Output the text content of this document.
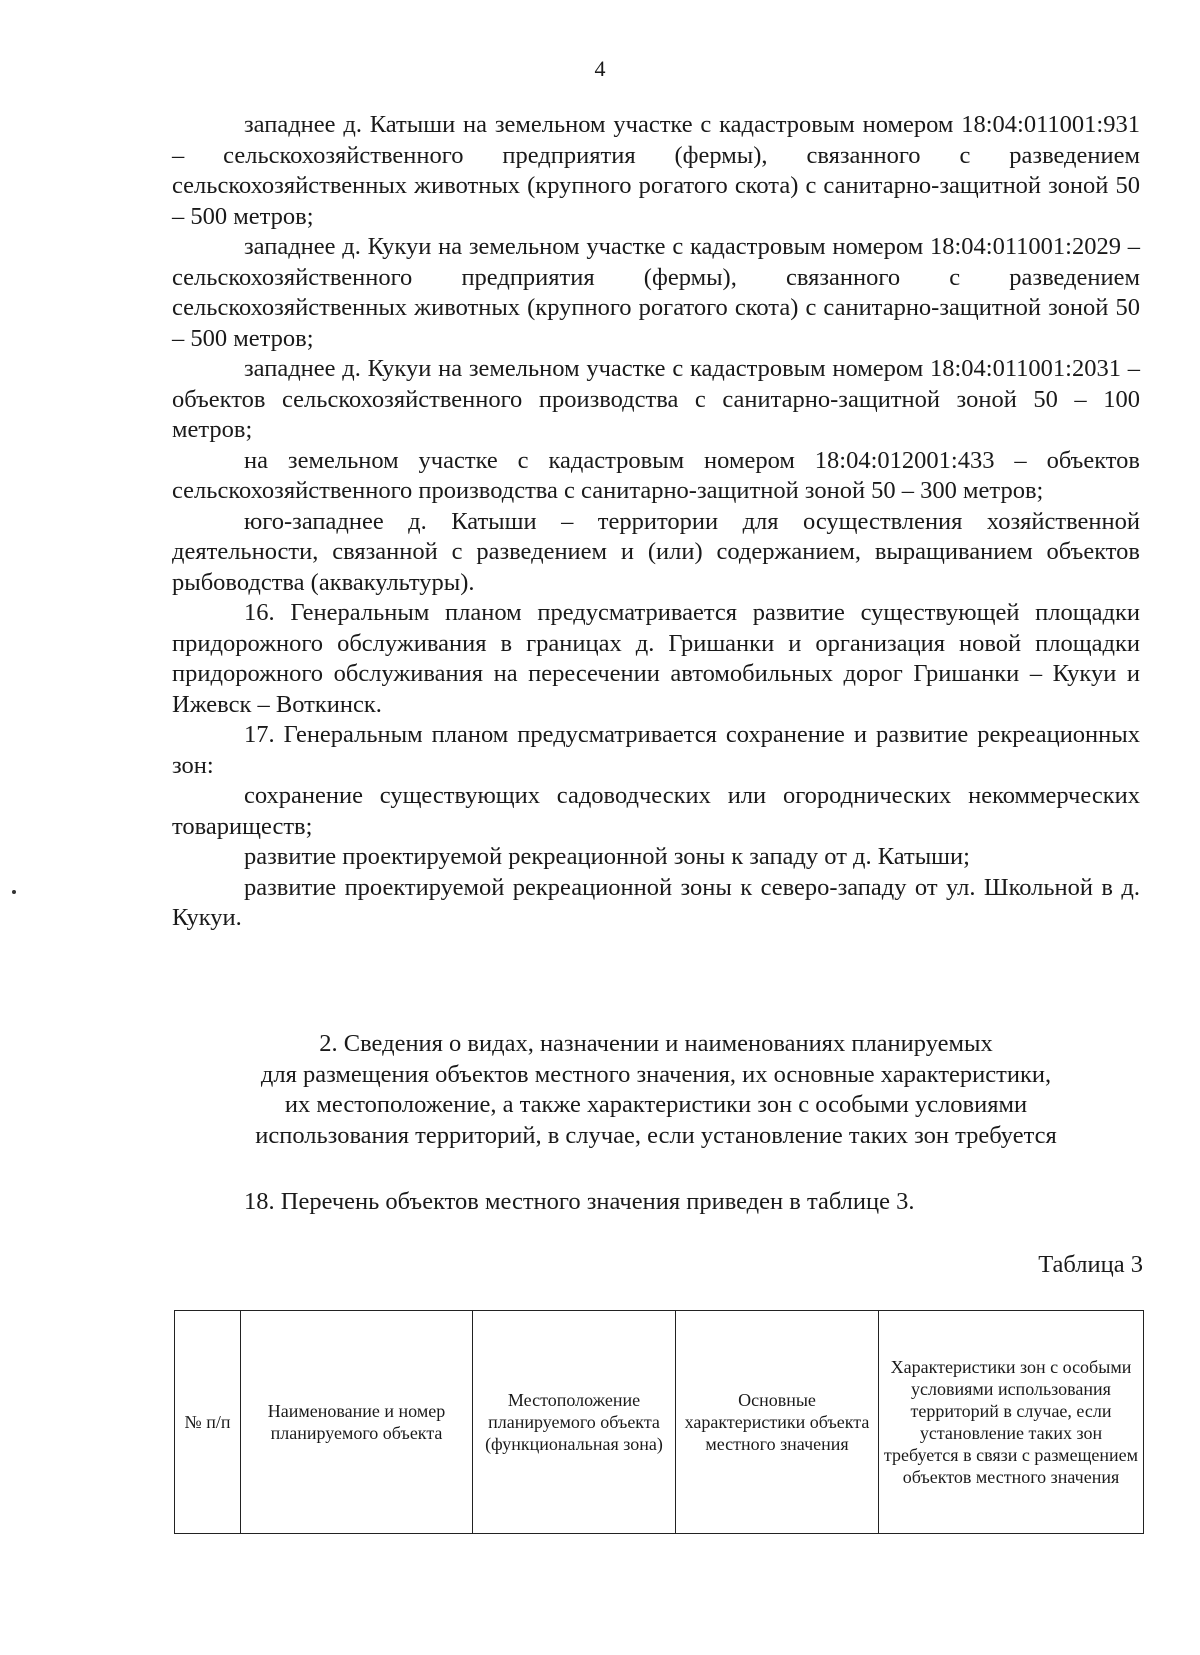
4

западнее д. Катыши на земельном участке с кадастровым номером 18:04:011001:931 – сельскохозяйственного предприятия (фермы), связанного с разведением сельскохозяйственных животных (крупного рогатого скота) с санитарно-защитной зоной 50 – 500 метров;

западнее д. Кукуи на земельном участке с кадастровым номером 18:04:011001:2029 – сельскохозяйственного предприятия (фермы), связанного с разведением сельскохозяйственных животных (крупного рогатого скота) с санитарно-защитной зоной 50 – 500 метров;

западнее д. Кукуи на земельном участке с кадастровым номером 18:04:011001:2031 – объектов сельскохозяйственного производства с санитарно-защитной зоной 50 – 100 метров;

на земельном участке с кадастровым номером 18:04:012001:433 – объектов сельскохозяйственного производства с санитарно-защитной зоной 50 – 300 метров;

юго-западнее д. Катыши – территории для осуществления хозяйственной деятельности, связанной с разведением и (или) содержанием, выращиванием объектов рыбоводства (аквакультуры).

16. Генеральным планом предусматривается развитие существующей площадки придорожного обслуживания в границах д. Гришанки и организация новой площадки придорожного обслуживания на пересечении автомобильных дорог Гришанки – Кукуи и Ижевск – Воткинск.

17. Генеральным планом предусматривается сохранение и развитие рекреационных зон:

сохранение существующих садоводческих или огороднических некоммерческих товариществ;

развитие проектируемой рекреационной зоны к западу от д. Катыши;

развитие проектируемой рекреационной зоны к северо-западу от ул. Школьной в д. Кукуи.

2. Сведения о видах, назначении и наименованиях планируемых
для размещения объектов местного значения, их основные характеристики,
их местоположение, а также характеристики зон с особыми условиями
использования территорий, в случае, если установление таких зон требуется
18. Перечень объектов местного значения приведен в таблице 3.
Таблица 3
№ п/п	Наименование и номер планируемого объекта	Местоположение планируемого объекта (функциональная зона)	Основные характеристики объекта местного значения	Характеристики зон с особыми условиями использования территорий в случае, если установление таких зон требуется в связи с размещением объектов местного значения
